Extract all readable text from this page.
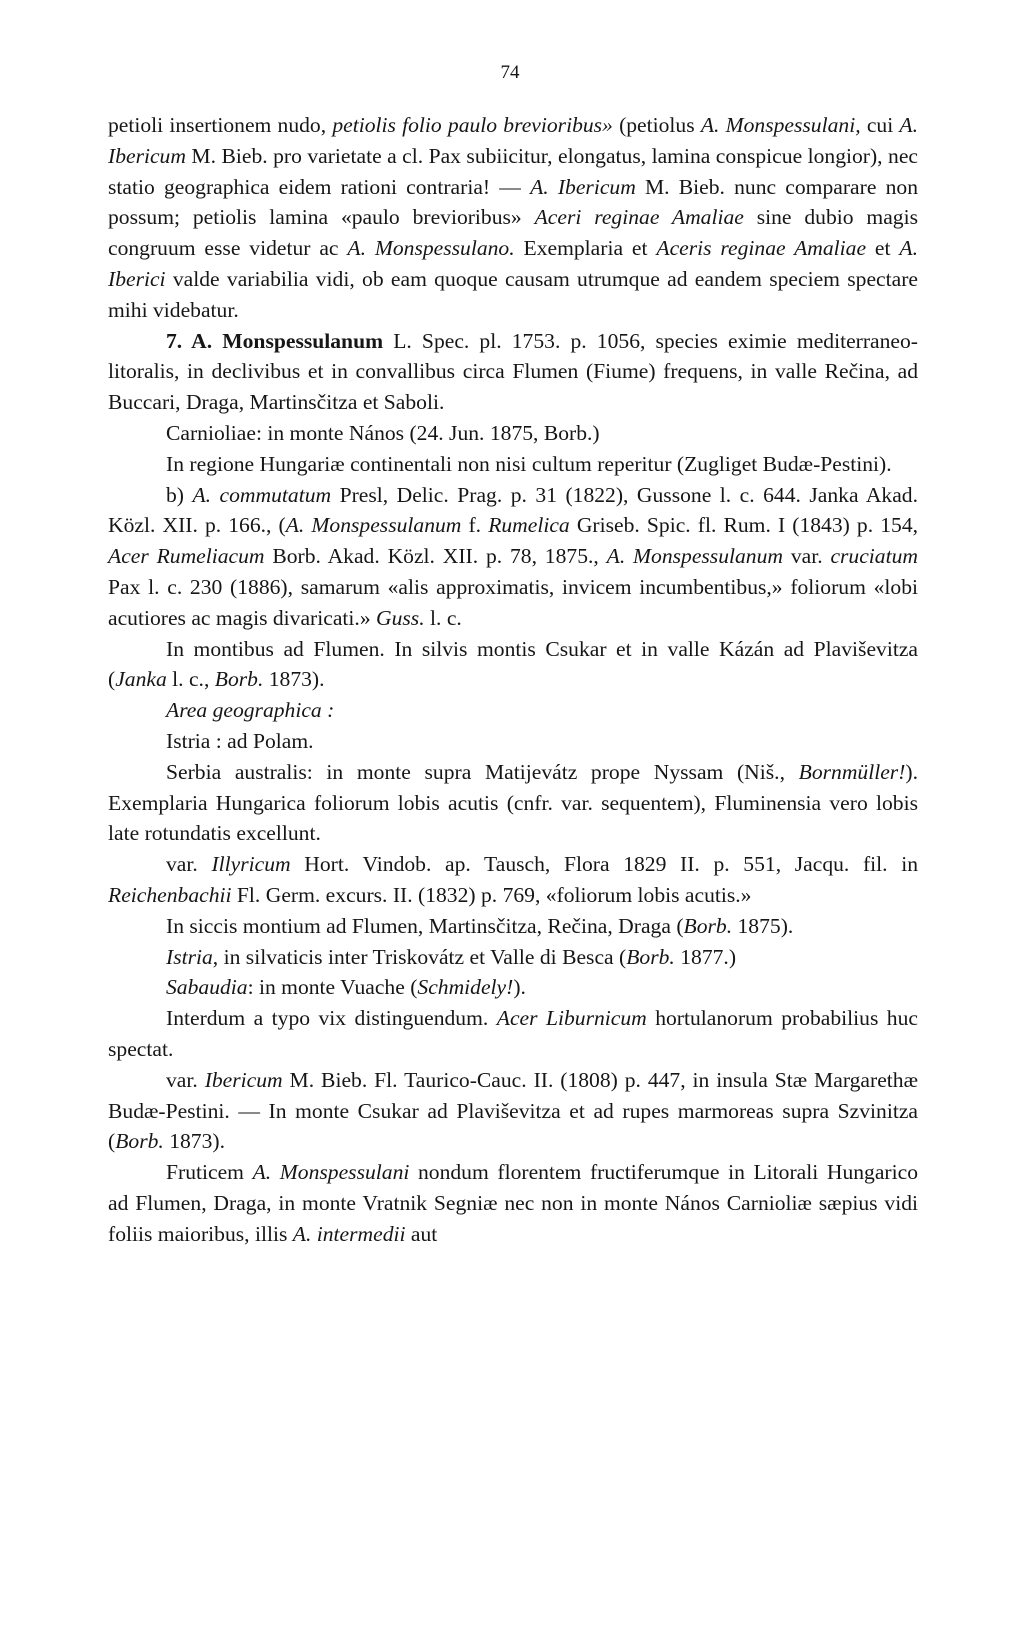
74

petioli insertionem nudo, petiolis folio paulo brevioribus» (petiolus A. Monspessulani, cui A. Ibericum M. Bieb. pro varietate a cl. Pax subiicitur, elongatus, lamina conspicue longior), nec statio geographica eidem rationi contraria! — A. Ibericum M. Bieb. nunc comparare non possum; petiolis lamina «paulo brevioribus» Aceri reginae Amaliae sine dubio magis congruum esse videtur ac A. Monspessulano. Exemplaria et Aceris reginae Amaliae et A. Iberici valde variabilia vidi, ob eam quoque causam utrumque ad eandem speciem spectare mihi videbatur.

7. A. Monspessulanum L. Spec. pl. 1753. p. 1056, species eximie mediterraneo-litoralis, in declivibus et in convallibus circa Flumen (Fiume) frequens, in valle Rečina, ad Buccari, Draga, Martinsčitza et Saboli.

Carnioliae: in monte Nános (24. Jun. 1875, Borb.)

In regione Hungariæ continentali non nisi cultum reperitur (Zugliget Budæ-Pestini).

b) A. commutatum Presl, Delic. Prag. p. 31 (1822), Gussone l. c. 644. Janka Akad. Közl. XII. p. 166., (A. Monspessulanum f. Rumelica Griseb. Spic. fl. Rum. I (1843) p. 154, Acer Rumeliacum Borb. Akad. Közl. XII. p. 78, 1875., A. Monspessulanum var. cruciatum Pax l. c. 230 (1886), samarum «alis approximatis, invicem incumbentibus,» foliorum «lobi acutiores ac magis divaricati.» Guss. l. c.

In montibus ad Flumen. In silvis montis Csukar et in valle Kázán ad Plaviševitza (Janka l. c., Borb. 1873).

Area geographica :

Istria : ad Polam.

Serbia australis: in monte supra Matijevátz prope Nyssam (Niš., Bornmüller!). Exemplaria Hungarica foliorum lobis acutis (cnfr. var. sequentem), Fluminensia vero lobis late rotundatis excellunt.

var. Illyricum Hort. Vindob. ap. Tausch, Flora 1829 II. p. 551, Jacqu. fil. in Reichenbachii Fl. Germ. excurs. II. (1832) p. 769, «foliorum lobis acutis.»

In siccis montium ad Flumen, Martinsčitza, Rečina, Draga (Borb. 1875).

Istria, in silvaticis inter Triskovátz et Valle di Besca (Borb. 1877.)

Sabaudia: in monte Vuache (Schmidely!).

Interdum a typo vix distinguendum. Acer Liburnicum hortulanorum probabilius huc spectat.

var. Ibericum M. Bieb. Fl. Taurico-Cauc. II. (1808) p. 447, in insula Stæ Margarethæ Budæ-Pestini. — In monte Csukar ad Plaviševitza et ad rupes marmoreas supra Szvinitza (Borb. 1873).

Fruticem A. Monspessulani nondum florentem fructiferumque in Litorali Hungarico ad Flumen, Draga, in monte Vratnik Segniæ nec non in monte Nános Carnioliæ sæpius vidi foliis maioribus, illis A. intermedii aut
